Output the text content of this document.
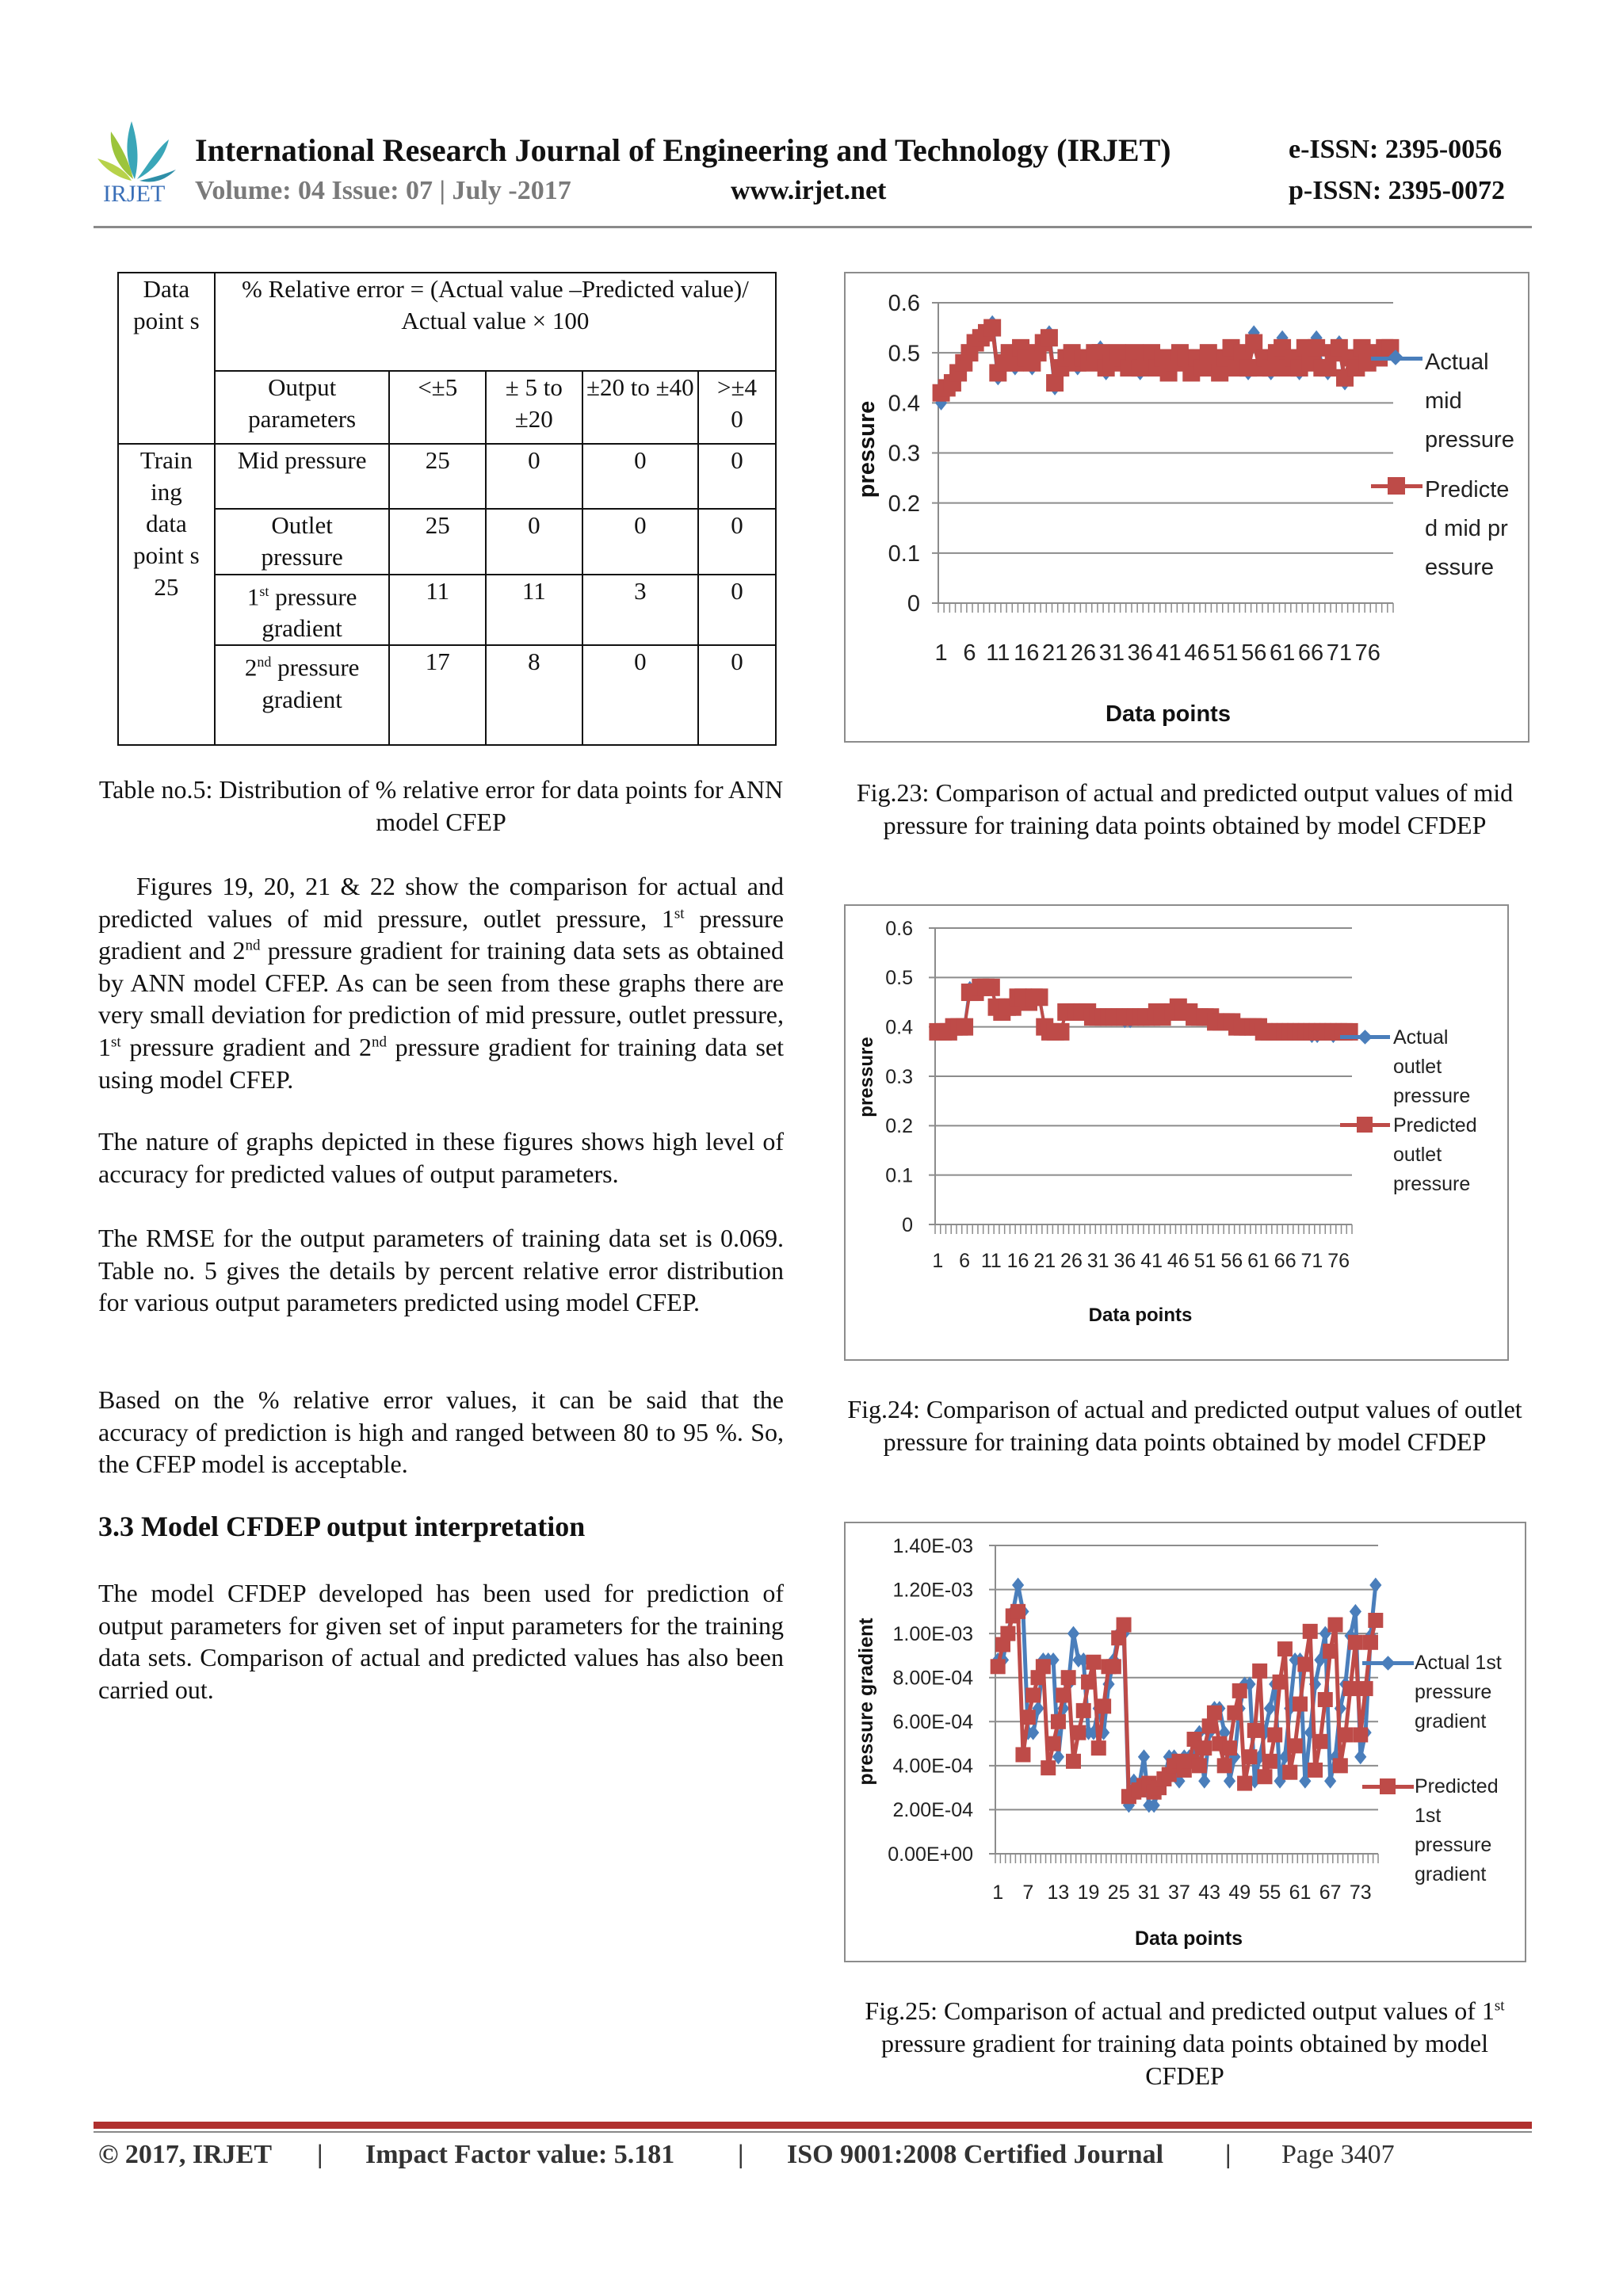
IRJET
International Research Journal of Engineering and Technology (IRJET)	e-ISSN: 2395-0056
Volume: 04 Issue: 07 | July -2017	www.irjet.net	p-ISSN: 2395-0072
Data point s	% Relative error = (Actual value –Predicted value)/ Actual value × 100				
	Output parameters	<±5	± 5 to ±20	±20 to ±40	>±4 0
Train ing data point s 25	Mid pressure	25	0	0	0
	Outlet pressure	25	0	0	0
	1st pressure gradient	11	11	3	0
	2nd pressure gradient	17	8	0	0
Table no.5: Distribution of % relative error for data points for ANN model CFEP
Figures 19, 20, 21 & 22 show the comparison for actual and predicted values of mid pressure, outlet pressure, 1st pressure gradient and 2nd pressure gradient for training data sets as obtained by ANN model CFEP. As can be seen from these graphs there are very small deviation for prediction of mid pressure, outlet pressure, 1st pressure gradient and 2nd pressure gradient for training data set using model CFEP.
The nature of graphs depicted in these figures shows high level of accuracy for predicted values of output parameters.
The RMSE for the output parameters of training data set is 0.069. Table no. 5 gives the details by percent relative error distribution for various output parameters predicted using model CFEP.
Based on the % relative error values, it can be said that the accuracy of prediction is high and ranged between 80 to 95 %. So, the CFEP model is acceptable.
3.3 Model CFDEP output interpretation
The model CFDEP developed has been used for prediction of output parameters for given set of input parameters for the training data sets. Comparison of actual and predicted values has also been carried out.
0
0.1
0.2
0.3
0.4
0.5
0.6
1 6 11 16 21 26 31 36 41 46 51 56 61 66 71 76
Data points
pressure
Actual mid pressure
Predicted mid pressure
Fig.23: Comparison of actual and predicted output values of mid pressure for training data points obtained by model CFDEP
0
0.1
0.2
0.3
0.4
0.5
0.6
1 6 11 16 21 26 31 36 41 46 51 56 61 66 71 76
Data points
pressure	Actual outlet pressure
Predicted outlet pressure
Fig.24: Comparison of actual and predicted output values of outlet pressure for training data points obtained by model CFDEP
0.00E+00
2.00E-04
4.00E-04
6.00E-04
8.00E-04
1.00E-03
1.20E-03
1.40E-03
1 7 13 19 25 31 37 43 49 55 61 67 73
Data points
pressure gradient	Actual 1st pressure gradient
Predicted 1st pressure gradient
Fig.25: Comparison of actual and predicted output values of 1st pressure gradient for training data points obtained by model CFDEP
© 2017, IRJET | Impact Factor value: 5.181 | ISO 9001:2008 Certified Journal | Page 3407
